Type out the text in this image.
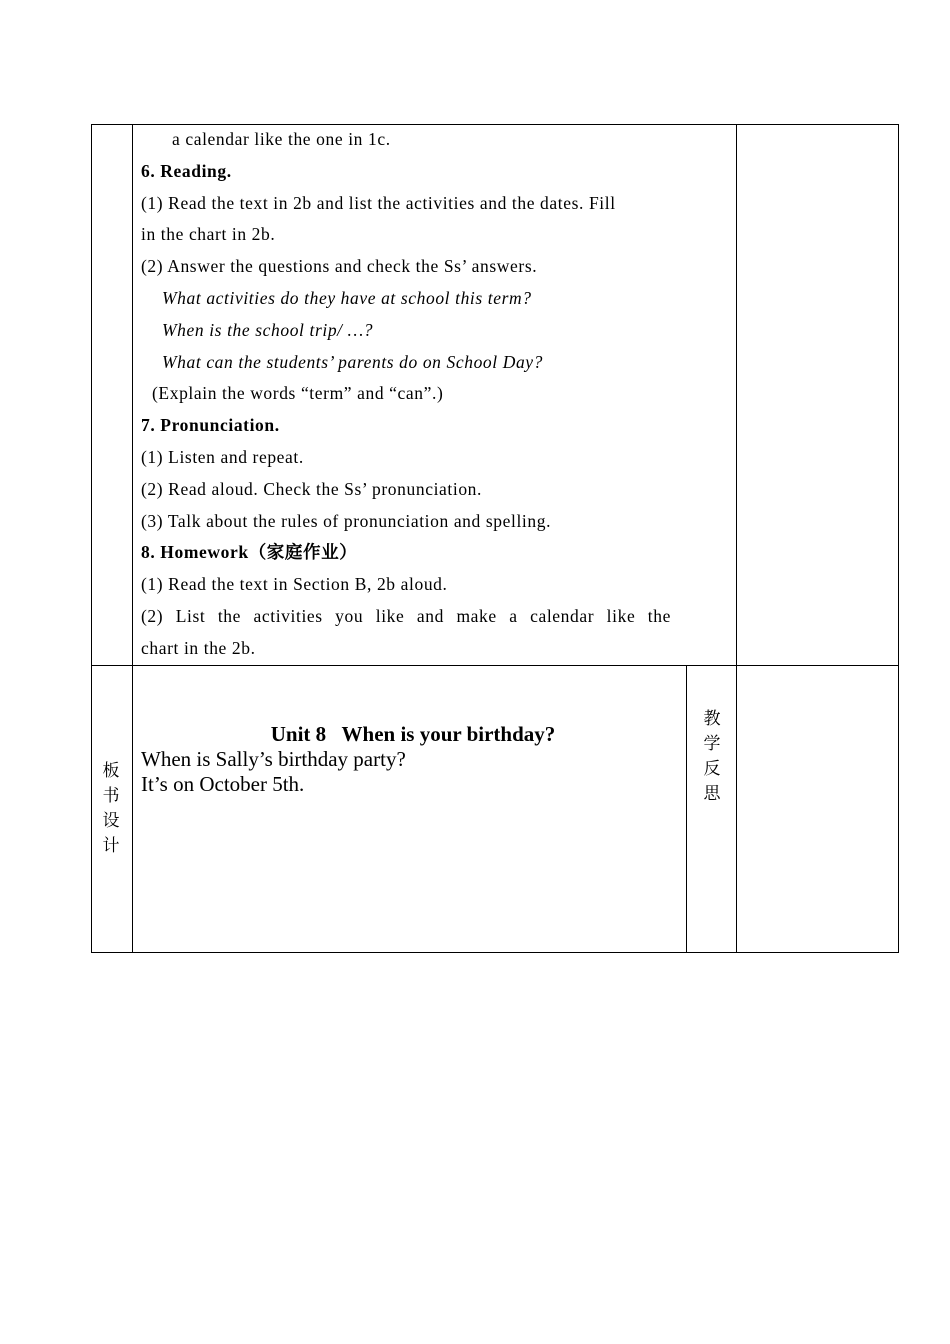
a calendar like the one in 1c.
6. Reading.
(1) Read the text in 2b and list the activities and the dates. Fill
in the chart in 2b.
(2) Answer the questions and check the Ss’ answers.
What activities do they have at school this term?
When is the school trip/ …?
What can the students’ parents do on School Day?
(Explain the words “term” and “can”.)
7. Pronunciation.
(1) Listen and repeat.
(2) Read aloud. Check the Ss’ pronunciation.
(3) Talk about the rules of pronunciation and spelling.
8. Homework（家庭作业）
(1) Read the text in Section B, 2b aloud.
(2) List the activities you like and make a calendar like the
chart in the 2b.
板
书
设
计
Unit 8   When is your birthday?
When is Sally’s birthday party?
It’s on October 5th.
教
学
反
思
